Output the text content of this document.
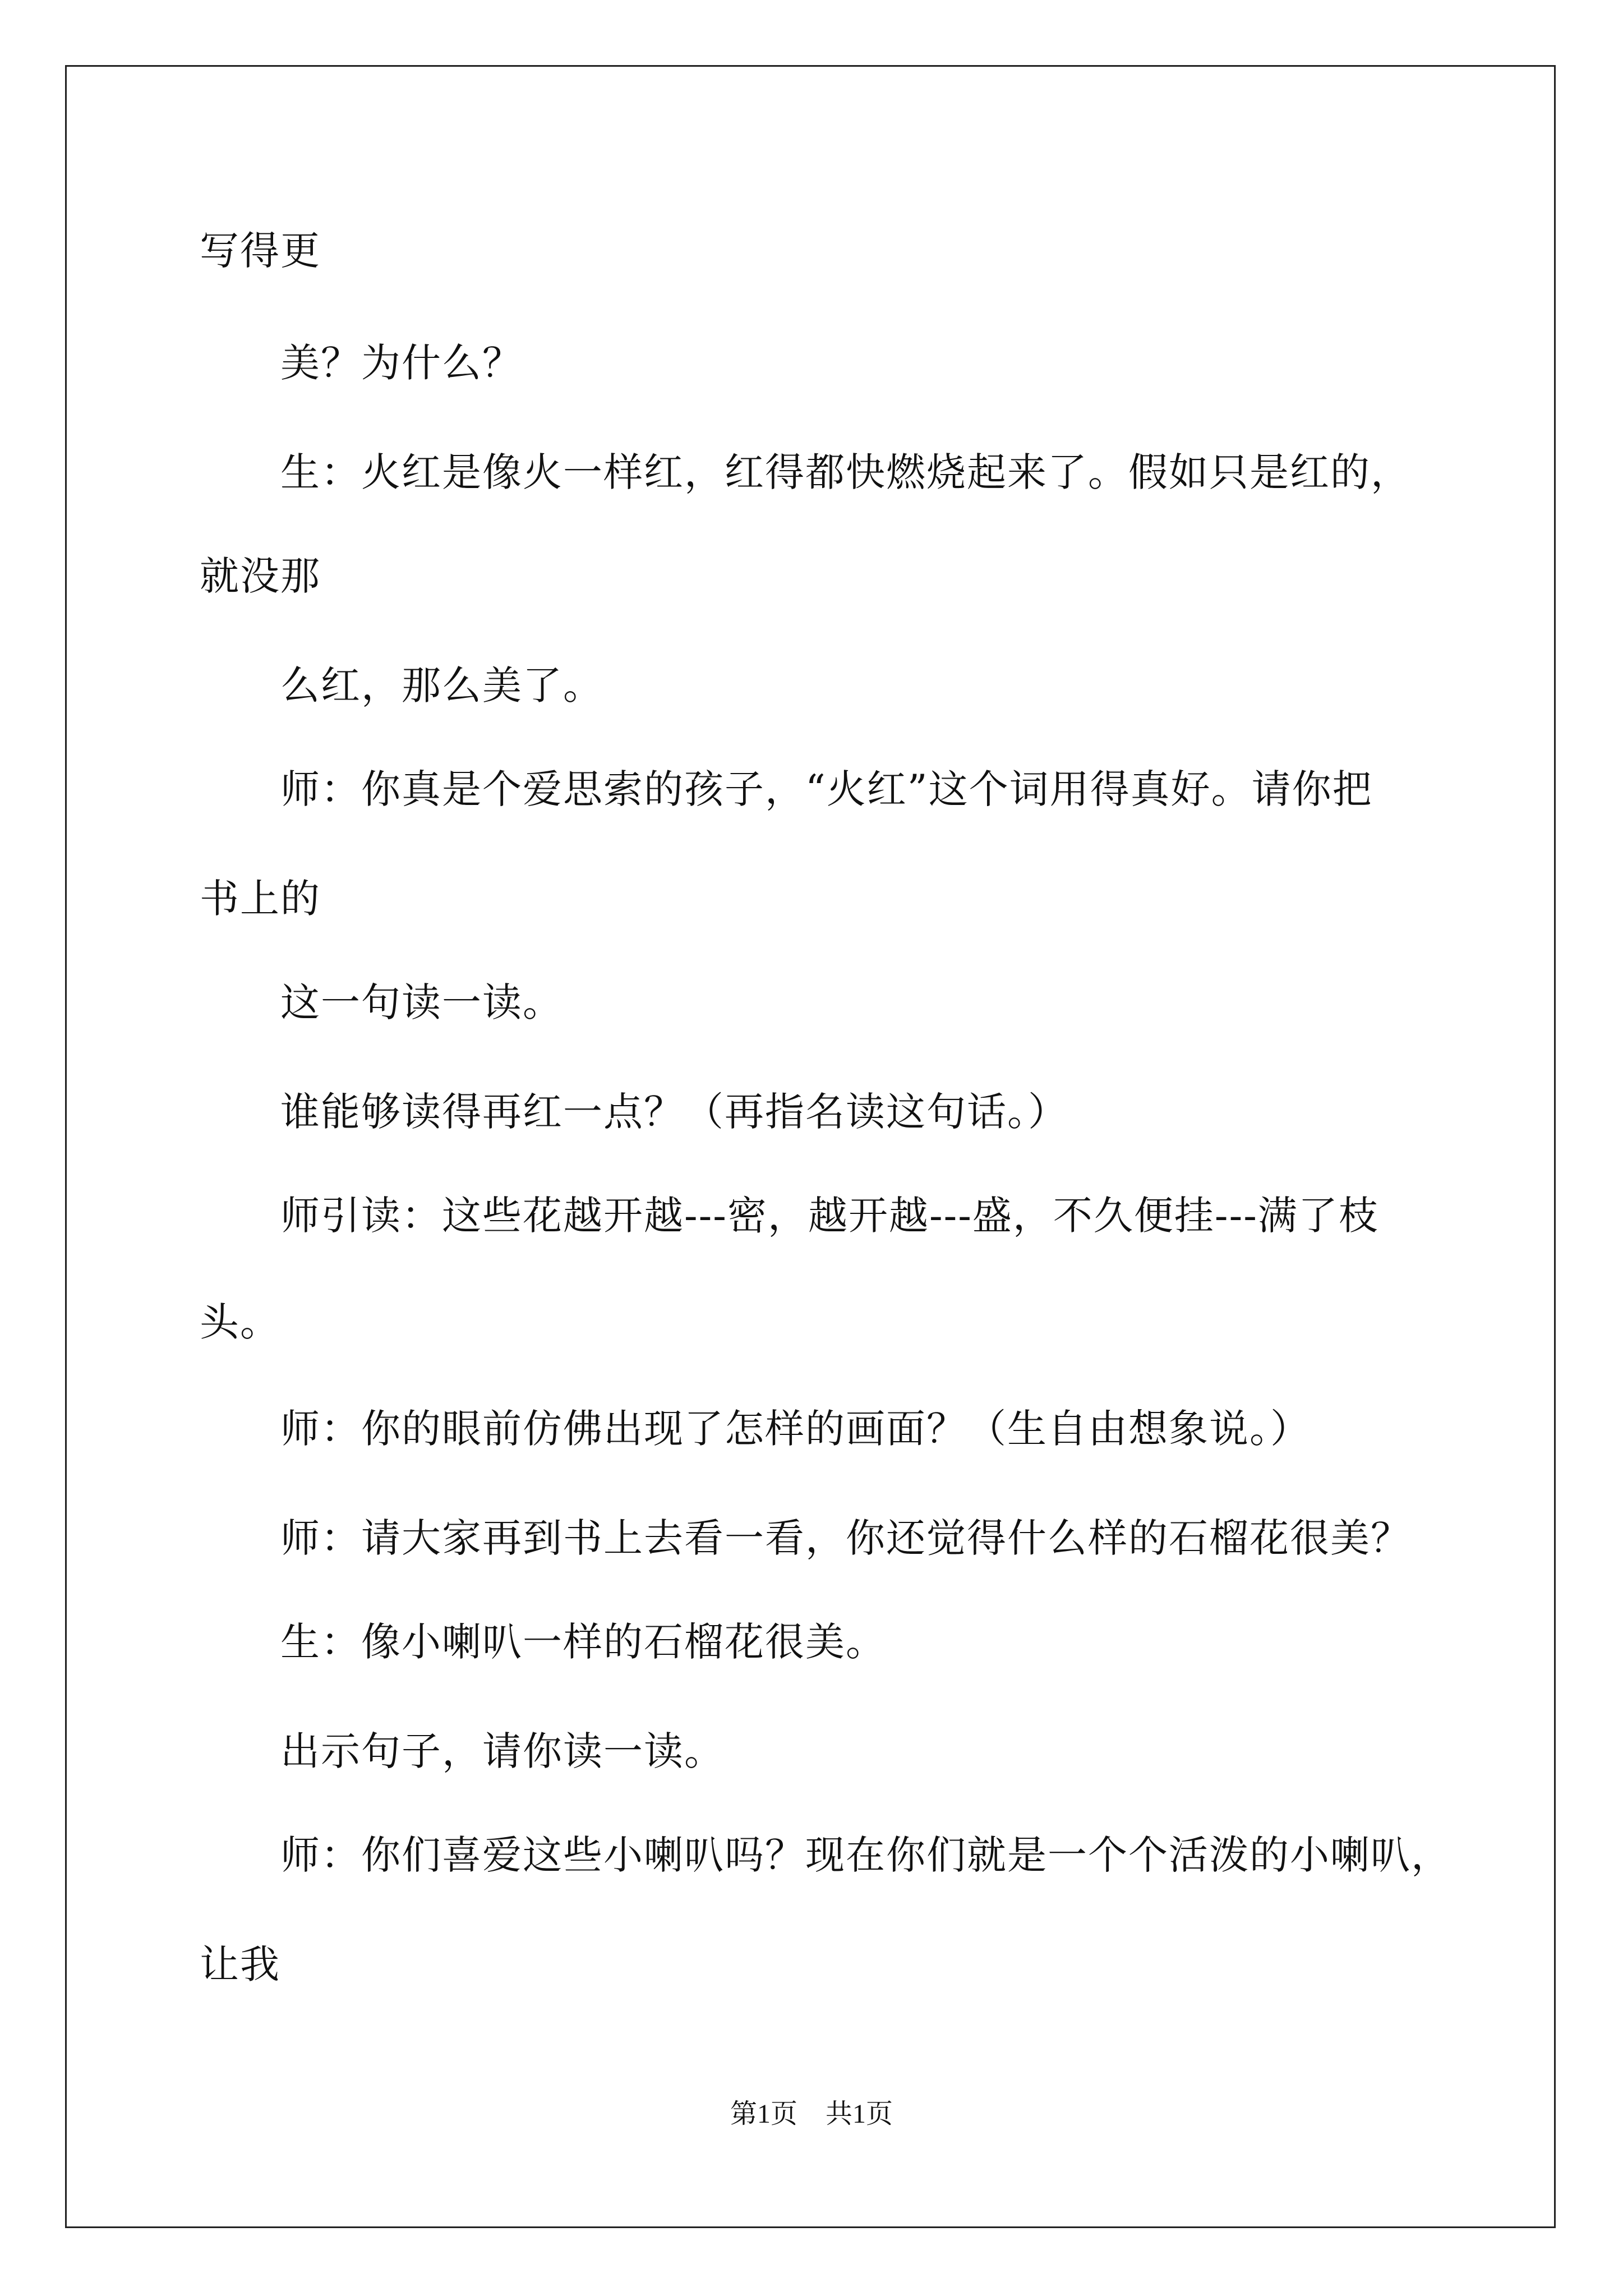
写得更
美？为什么？
生：火红是像火一样红，红得都快燃烧起来了。假如只是红的，
就没那
么红，那么美了。
师：你真是个爱思索的孩子，“火红”这个词用得真好。请你把
书上的
这一句读一读。
谁能够读得再红一点？（再指名读这句话。）
师引读：这些花越开越---密，越开越---盛，不久便挂---满了枝
头。
师：你的眼前仿佛出现了怎样的画面？（生自由想象说。）
师：请大家再到书上去看一看，你还觉得什么样的石榴花很美？
生：像小喇叭一样的石榴花很美。
出示句子，请你读一读。
师：你们喜爱这些小喇叭吗？现在你们就是一个个活泼的小喇叭，
让我
第1页 共1页
